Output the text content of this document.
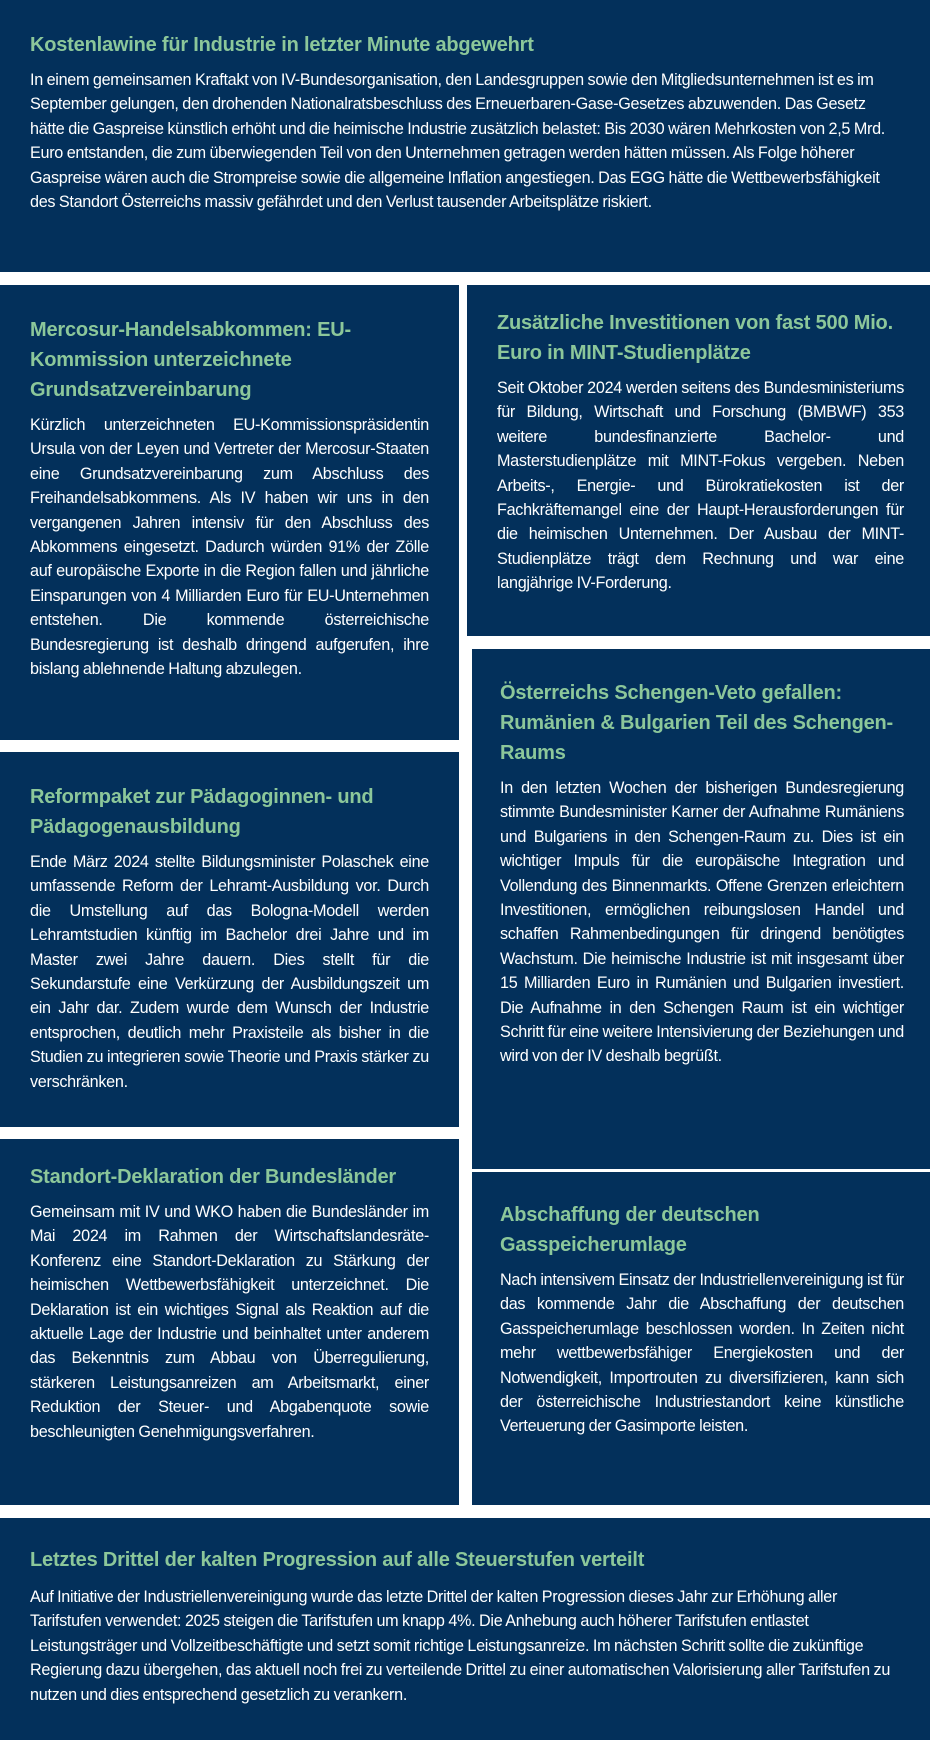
Kostenlawine für Industrie in letzter Minute abgewehrt

In einem gemeinsamen Kraftakt von IV-Bundesorganisation, den Landesgruppen sowie den Mitgliedsunternehmen ist es im September gelungen, den drohenden Nationalratsbeschluss des Erneuerbaren-Gase-Gesetzes abzuwenden. Das Gesetz hätte die Gaspreise künstlich erhöht und die heimische Industrie zusätzlich belastet: Bis 2030 wären Mehrkosten von 2,5 Mrd. Euro entstanden, die zum überwiegenden Teil von den Unternehmen getragen werden hätten müssen. Als Folge höherer Gaspreise wären auch die Strompreise sowie die allgemeine Inflation angestiegen. Das EGG hätte die Wettbewerbsfähigkeit des Standort Österreichs massiv gefährdet und den Verlust tausender Arbeitsplätze riskiert.

Mercosur-Handelsabkommen: EU-Kommission unterzeichnete Grundsatzvereinbarung

Kürzlich unterzeichneten EU-Kommissionspräsidentin Ursula von der Leyen und Vertreter der Mercosur-Staaten eine Grundsatzvereinbarung zum Abschluss des Freihandelsabkommens. Als IV haben wir uns in den vergangenen Jahren intensiv für den Abschluss des Abkommens eingesetzt. Dadurch würden 91% der Zölle auf europäische Exporte in die Region fallen und jährliche Einsparungen von 4 Milliarden Euro für EU-Unternehmen entstehen. Die kommende österreichische Bundesregierung ist deshalb dringend aufgerufen, ihre bislang ablehnende Haltung abzulegen.

Zusätzliche Investitionen von fast 500 Mio. Euro in MINT-Studienplätze

Seit Oktober 2024 werden seitens des Bundesministeriums für Bildung, Wirtschaft und Forschung (BMBWF) 353 weitere bundesfinanzierte Bachelor- und Masterstudienplätze mit MINT-Fokus vergeben. Neben Arbeits-, Energie- und Bürokratiekosten ist der Fachkräftemangel eine der Haupt-Herausforderungen für die heimischen Unternehmen. Der Ausbau der MINT-Studienplätze trägt dem Rechnung und war eine langjährige IV-Forderung.

Reformpaket zur Pädagoginnen- und Pädagogenausbildung

Ende März 2024 stellte Bildungsminister Polaschek eine umfassende Reform der Lehramt-Ausbildung vor. Durch die Umstellung auf das Bologna-Modell werden Lehramtstudien künftig im Bachelor drei Jahre und im Master zwei Jahre dauern. Dies stellt für die Sekundarstufe eine Verkürzung der Ausbildungszeit um ein Jahr dar. Zudem wurde dem Wunsch der Industrie entsprochen, deutlich mehr Praxisteile als bisher in die Studien zu integrieren sowie Theorie und Praxis stärker zu verschränken.

Österreichs Schengen-Veto gefallen: Rumänien & Bulgarien Teil des Schengen-Raums

In den letzten Wochen der bisherigen Bundesregierung stimmte Bundesminister Karner der Aufnahme Rumäniens und Bulgariens in den Schengen-Raum zu. Dies ist ein wichtiger Impuls für die europäische Integration und Vollendung des Binnenmarkts. Offene Grenzen erleichtern Investitionen, ermöglichen reibungslosen Handel und schaffen Rahmenbedingungen für dringend benötigtes Wachstum. Die heimische Industrie ist mit insgesamt über 15 Milliarden Euro in Rumänien und Bulgarien investiert. Die Aufnahme in den Schengen Raum ist ein wichtiger Schritt für eine weitere Intensivierung der Beziehungen und wird von der IV deshalb begrüßt.

Standort-Deklaration der Bundesländer

Gemeinsam mit IV und WKO haben die Bundesländer im Mai 2024 im Rahmen der Wirtschaftslandesräte-Konferenz eine Standort-Deklaration zu Stärkung der heimischen Wettbewerbsfähigkeit unterzeichnet. Die Deklaration ist ein wichtiges Signal als Reaktion auf die aktuelle Lage der Industrie und beinhaltet unter anderem das Bekenntnis zum Abbau von Überregulierung, stärkeren Leistungsanreizen am Arbeitsmarkt, einer Reduktion der Steuer- und Abgabenquote sowie beschleunigten Genehmigungsverfahren.

Abschaffung der deutschen Gasspeicherumlage

Nach intensivem Einsatz der Industriellenvereinigung ist für das kommende Jahr die Abschaffung der deutschen Gasspeicherumlage beschlossen worden. In Zeiten nicht mehr wettbewerbsfähiger Energiekosten und der Notwendigkeit, Importrouten zu diversifizieren, kann sich der österreichische Industriestandort keine künstliche Verteuerung der Gasimporte leisten.

Letztes Drittel der kalten Progression auf alle Steuerstufen verteilt

Auf Initiative der Industriellenvereinigung wurde das letzte Drittel der kalten Progression dieses Jahr zur Erhöhung aller Tarifstufen verwendet: 2025 steigen die Tarifstufen um knapp 4%. Die Anhebung auch höherer Tarifstufen entlastet Leistungsträger und Vollzeitbeschäftigte und setzt somit richtige Leistungsanreize. Im nächsten Schritt sollte die zukünftige Regierung dazu übergehen, das aktuell noch frei zu verteilende Drittel zu einer automatischen Valorisierung aller Tarifstufen zu nutzen und dies entsprechend gesetzlich zu verankern.
